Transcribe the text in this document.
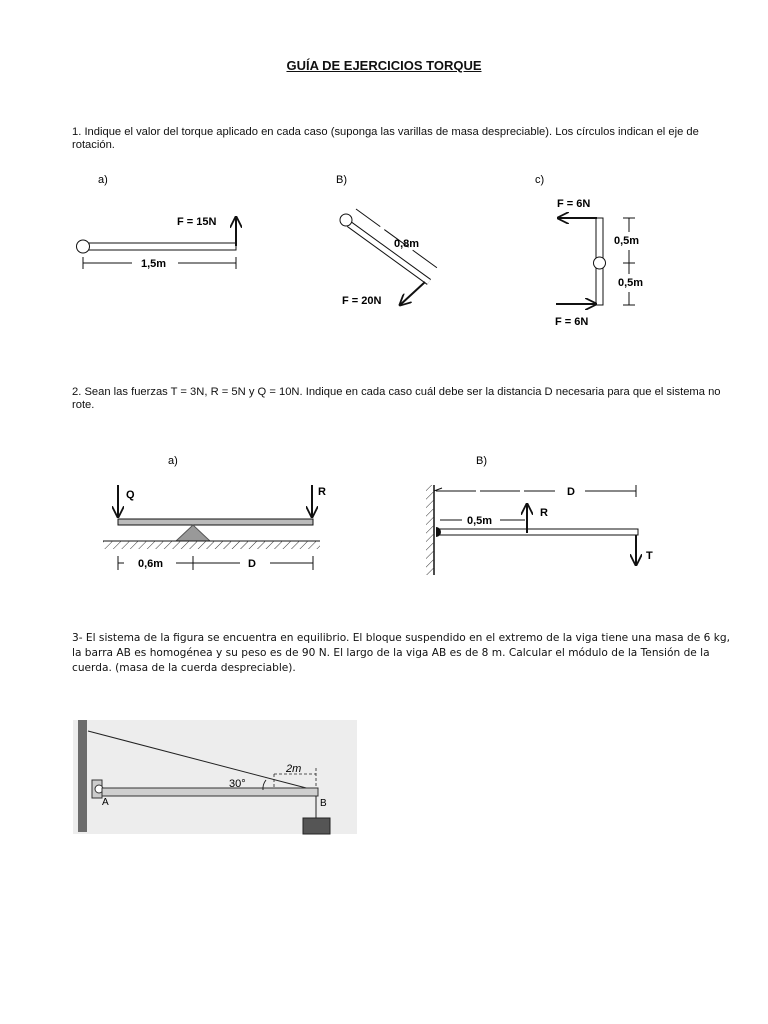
GUÍA DE EJERCICIOS TORQUE
1. Indique el valor del torque aplicado en cada caso (suponga las varillas de masa despreciable). Los círculos indican el eje de rotación.
2. Sean las fuerzas T = 3N, R = 5N y Q = 10N. Indique en cada caso cuál debe ser la distancia D necesaria para que el sistema no rote.
3- El sistema de la figura se encuentra en equilibrio. El bloque suspendido en el extremo de la viga tiene una masa de 6 kg, la barra AB es homogénea y su peso es de 90 N. El largo de la viga AB es de 8 m. Calcular el módulo de la Tensión de la cuerda. (masa de la cuerda despreciable).
a)	B)	c)
F = 15N
1,5m
0,8m
F = 20N
F = 6N
F = 6N
0,5m
0,5m
a)	B)
Q	R
0,6m	D
R
T
D
0,5m
30°
2m
A	B
